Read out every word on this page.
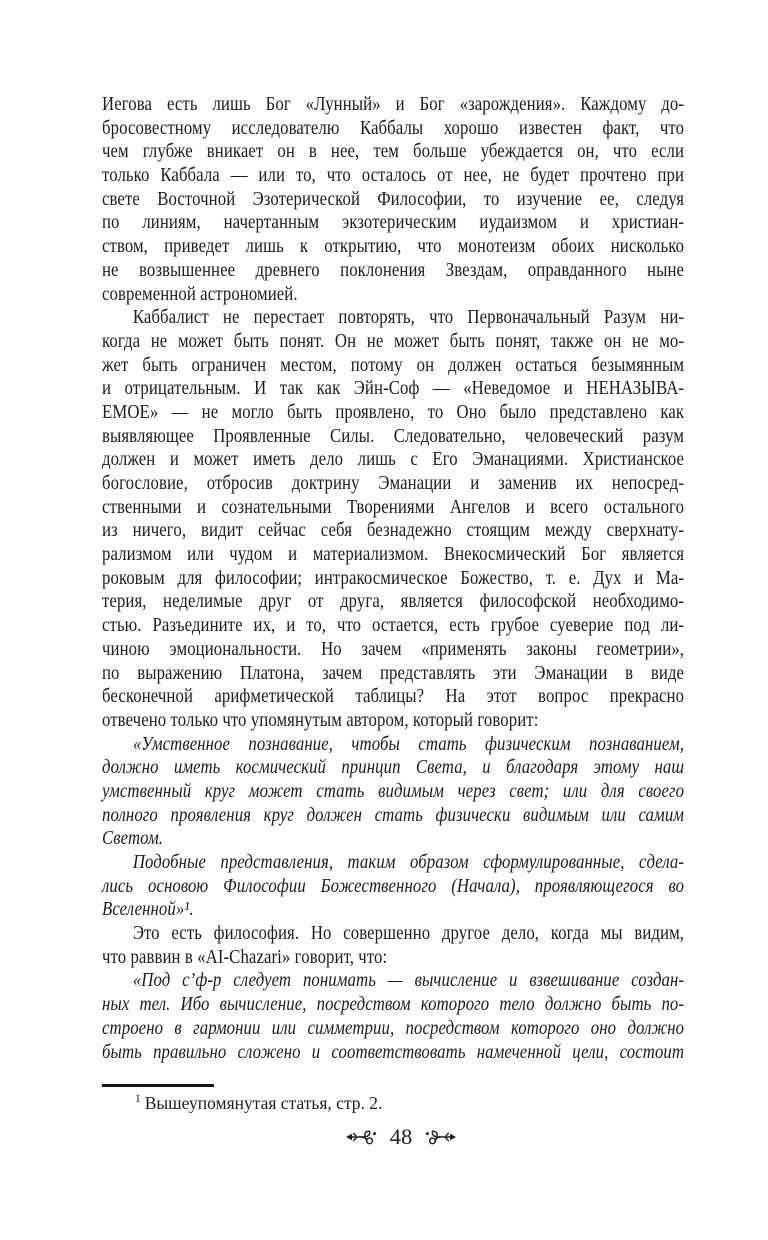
Иегова есть лишь Бог «Лунный» и Бог «зарождения». Каждому до-
бросовестному исследователю Каббалы хорошо известен факт, что
чем глубже вникает он в нее, тем больше убеждается он, что если
только Каббала — или то, что осталось от нее, не будет прочтено при
свете Восточной Эзотерической Философии, то изучение ее, следуя
по линиям, начертанным экзотерическим иудаизмом и христиан-
ством, приведет лишь к открытию, что монотеизм обоих нисколько
не возвышеннее древнего поклонения Звездам, оправданного ныне
современной астрономией.
Каббалист не перестает повторять, что Первоначальный Разум ни-
когда не может быть понят. Он не может быть понят, также он не мо-
жет быть ограничен местом, потому он должен остаться безымянным
и отрицательным. И так как Эйн-Соф — «Неведомое и НЕНАЗЫВА-
ЕМОЕ» — не могло быть проявлено, то Оно было представлено как
выявляющее Проявленные Силы. Следовательно, человеческий разум
должен и может иметь дело лишь с Его Эманациями. Христианское
богословие, отбросив доктрину Эманации и заменив их непосред-
ственными и сознательными Творениями Ангелов и всего остального
из ничего, видит сейчас себя безнадежно стоящим между сверхнату-
рализмом или чудом и материализмом. Внекосмический Бог является
роковым для философии; интракосмическое Божество, т. е. Дух и Ма-
терия, неделимые друг от друга, является философской необходимо-
стью. Разъедините их, и то, что остается, есть грубое суеверие под ли-
чиною эмоциональности. Но зачем «применять законы геометрии»,
по выражению Платона, зачем представлять эти Эманации в виде
бесконечной арифметической таблицы? На этот вопрос прекрасно
отвечено только что упомянутым автором, который говорит:
«Умственное познавание, чтобы стать физическим познаванием,
должно иметь космический принцип Света, и благодаря этому наш
умственный круг может стать видимым через свет; или для своего
полного проявления круг должен стать физически видимым или самим
Светом.
Подобные представления, таким образом сформулированные, сдела-
лись основою Философии Божественного (Начала), проявляющегося во
Вселенной»¹.
Это есть философия. Но совершенно другое дело, когда мы видим,
что раввин в «AI-Chazari» говорит, что:
«Под с’ф-р следует понимать — вычисление и взвешивание создан-
ных тел. Ибо вычисление, посредством которого тело должно быть по-
строено в гармонии или симметрии, посредством которого оно должно
быть правильно сложено и соответствовать намеченной цели, состоит
$^1$ Вышеупомянутая статья, стр. 2.
48
